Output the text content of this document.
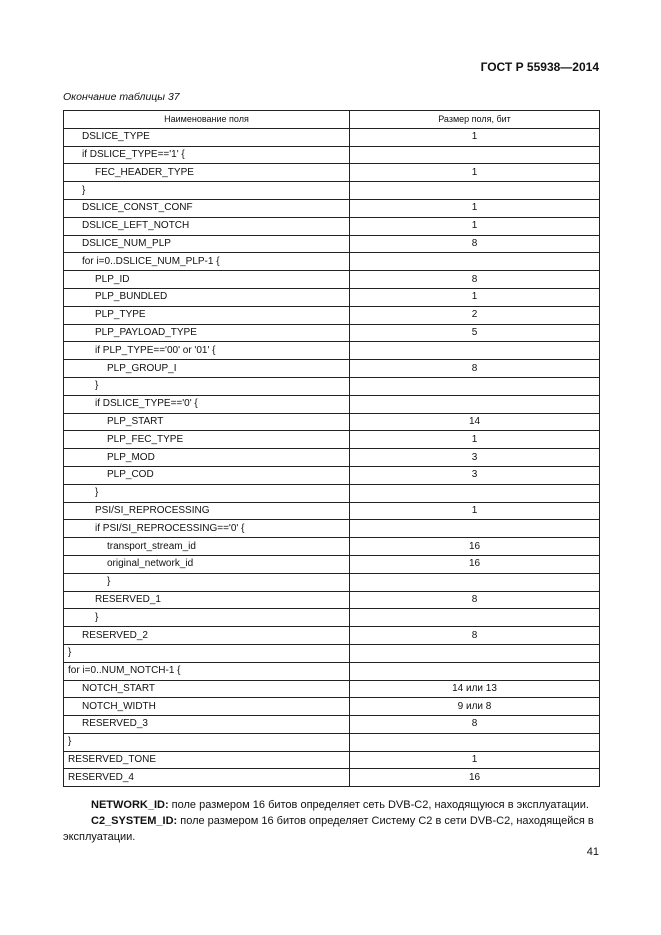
ГОСТ Р 55938—2014
Окончание таблицы 37
Наименование поля	Размер поля, бит
DSLICE_TYPE	1
if DSLICE_TYPE=='1' {	
FEC_HEADER_TYPE	1
}	
DSLICE_CONST_CONF	1
DSLICE_LEFT_NOTCH	1
DSLICE_NUM_PLP	8
for i=0..DSLICE_NUM_PLP-1 {	
PLP_ID	8
PLP_BUNDLED	1
PLP_TYPE	2
PLP_PAYLOAD_TYPE	5
if PLP_TYPE=='00' or '01' {	
PLP_GROUP_I	8
}	
if DSLICE_TYPE=='0' {	
PLP_START	14
PLP_FEC_TYPE	1
PLP_MOD	3
PLP_COD	3
}	
PSI/SI_REPROCESSING	1
if PSI/SI_REPROCESSING=='0' {	
transport_stream_id	16
original_network_id	16
}	
RESERVED_1	8
}	
RESERVED_2	8
}	
for i=0..NUM_NOTCH-1 {	
NOTCH_START	14 или 13
NOTCH_WIDTH	9 или 8
RESERVED_3	8
}	
RESERVED_TONE	1
RESERVED_4	16

NETWORK_ID: поле размером 16 битов определяет сеть DVB-C2, находящуюся в эксплуатации.

C2_SYSTEM_ID: поле размером 16 битов определяет Систему C2 в сети DVB-C2, находящейся в эксплуатации.

41
